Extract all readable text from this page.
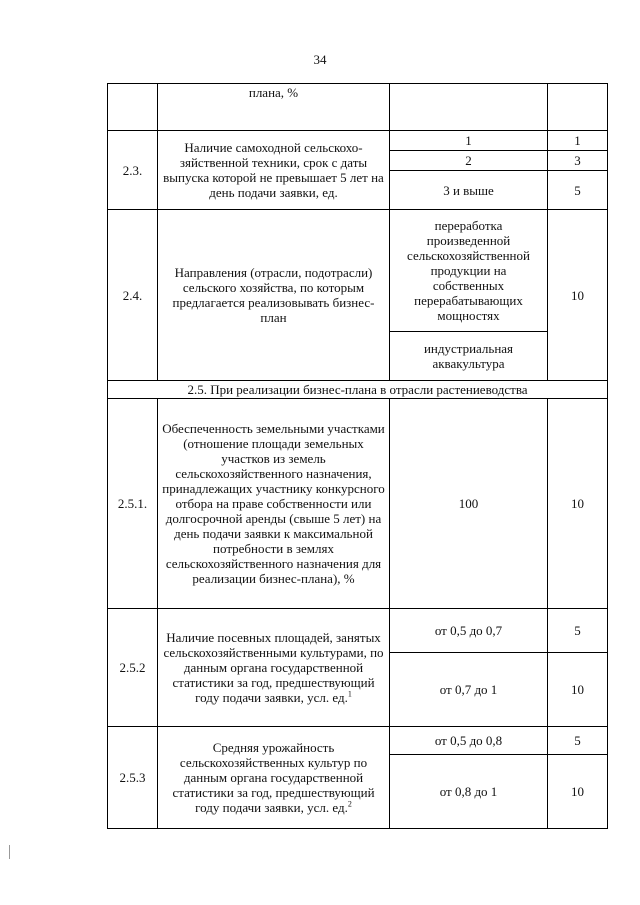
34
	плана, %		
2.3.	Наличие самоходной сельскохо-зяйственной техники, срок с даты выпуска которой не превышает 5 лет на день подачи заявки, ед.	1	1
		2	3
		3 и выше	5
2.4.	Направления (отрасли, подотрасли) сельского хозяйства, по которым предлагается реализовывать бизнес-план	переработка произведенной сельскохозяйственной продукции на собственных перерабатывающих мощностях	10
		индустриальная аквакультура	
2.5. При реализации бизнес-плана в отрасли растениеводства			
2.5.1.	Обеспеченность земельными участками (отношение площади земельных участков из земель сельскохозяйственного назначения, принадлежащих участнику конкурсного отбора на праве собственности или долгосрочной аренды (свыше 5 лет) на день подачи заявки к максимальной потребности в землях сельскохозяйственного назначения для реализации бизнес-плана), %	100	10
2.5.2	Наличие посевных площадей, занятых сельскохозяйственными культурами, по данным органа государственной статистики за год, предшествующий году подачи заявки, усл. ед.$^1$	от 0,5 до 0,7	5
		от 0,7 до 1	10
2.5.3	Средняя урожайность сельскохозяйственных культур по данным органа государственной статистики за год, предшествующий году подачи заявки, усл. ед.$^2$	от 0,5 до 0,8	5
		от 0,8 до 1	10
